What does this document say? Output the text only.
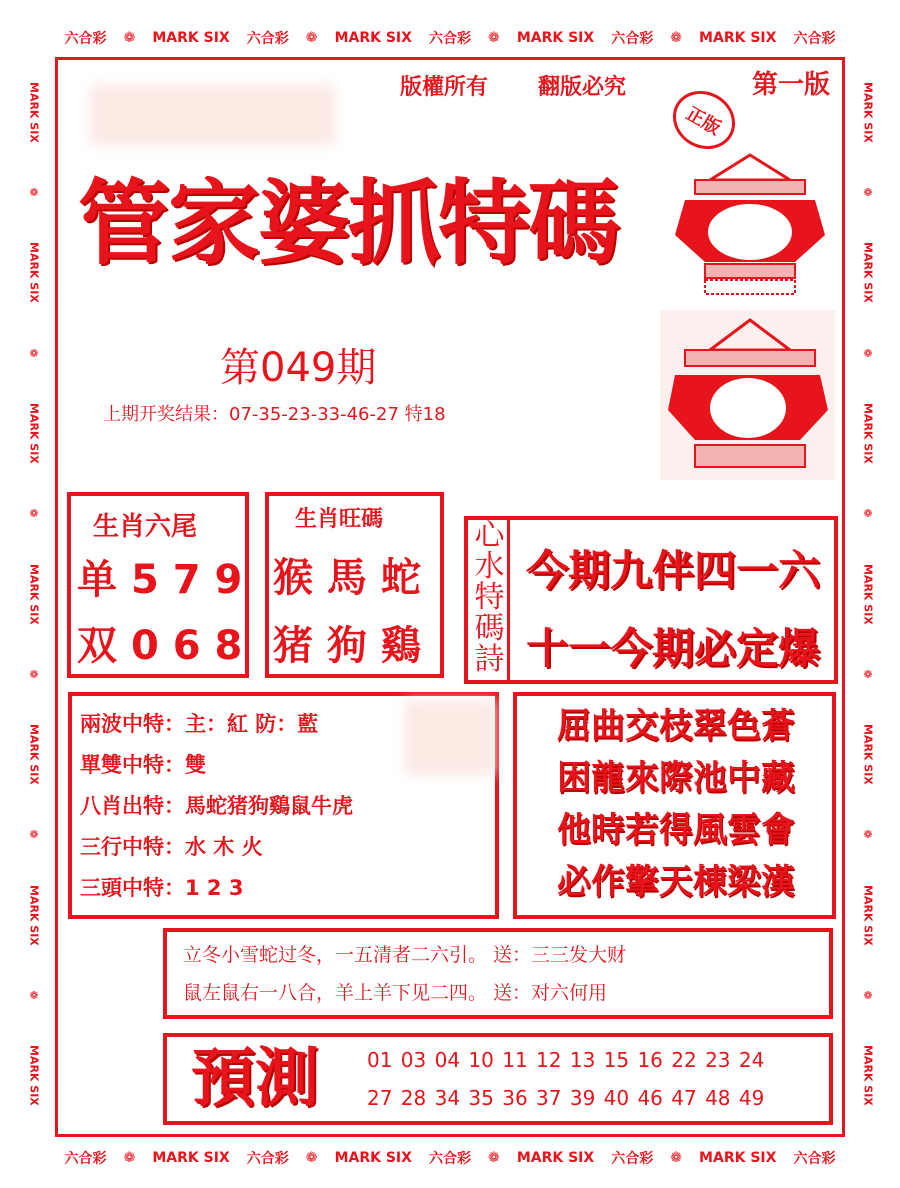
六合彩 ❁ MARK SIX 六合彩 ❁ MARK SIX 六合彩 ❁ MARK SIX 六合彩 ❁ MARK SIX 六合彩
六合彩 ❁ MARK SIX 六合彩 ❁ MARK SIX 六合彩 ❁ MARK SIX 六合彩 ❁ MARK SIX 六合彩
MARK SIX
❁
MARK SIX
❁
MARK SIX
❁
MARK SIX
❁
MARK SIX
❁
MARK SIX
❁
MARK SIX
MARK SIX
❁
MARK SIX
❁
MARK SIX
❁
MARK SIX
❁
MARK SIX
❁
MARK SIX
❁
MARK SIX
版權所有 翻版必究	第一版
正版
管家婆抓特碼
第049期
上期开奖结果：07-35-23-33-46-27 特18
生肖六尾
单 5 7 9
双 0 6 8
生肖旺碼
猴 馬 蛇
猪 狗 鷄
心水特碼詩
今期九伴四一六
十一今期必定爆
兩波中特：主：紅 防：藍
單雙中特：雙
八肖出特：馬蛇猪狗鷄鼠牛虎
三行中特：水 木 火
三頭中特：1 2 3
屈曲交枝翠色蒼
困龍來際池中藏
他時若得風雲會
必作擎天棟梁漢
立冬小雪蛇过冬，一五清者二六引。 送：三三发大财
鼠左鼠右一八合，羊上羊下见二四。 送：对六何用
預測 01 03 04 10 11 12 13 15 16 22 23 24
27 28 34 35 36 37 39 40 46 47 48 49
